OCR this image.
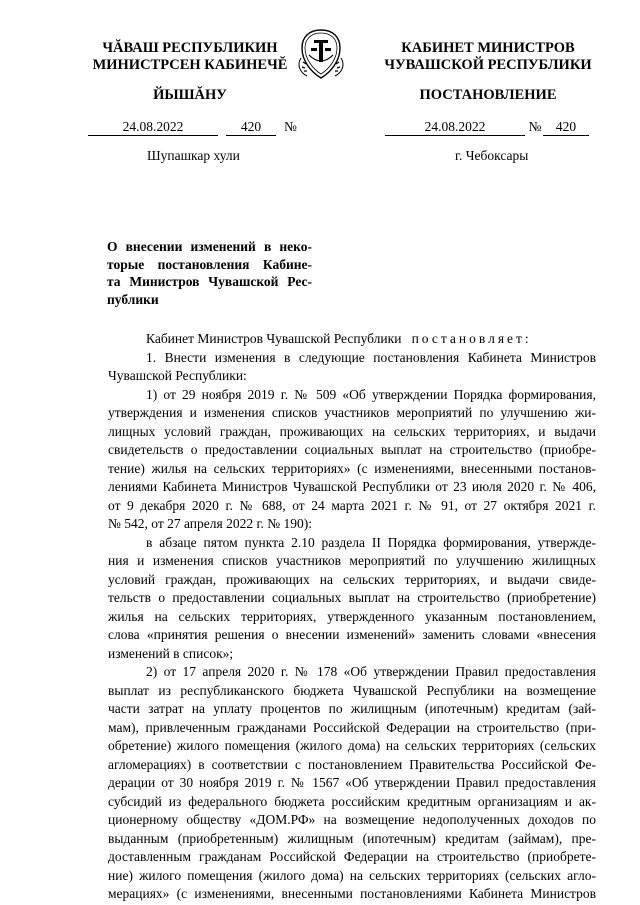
ЧĂВАШ РЕСПУБЛИКИН
МИНИСТРСЕН КАБИНЕЧĔ
ЙЫШĂНУ
КАБИНЕТ МИНИСТРОВ
ЧУВАШСКОЙ РЕСПУБЛИКИ
ПОСТАНОВЛЕНИЕ
24.08.2022	420	№	24.08.2022	№	420
Шупашкар хули	г. Чебоксары
О внесении изменений в неко-
торые постановления Кабине-
та Министров Чувашской Рес-
публики
Кабинет Министров Чувашской Республики постановляет:
1. Внести изменения в следующие постановления Кабинета Министров
Чувашской Республики:
1) от 29 ноября 2019 г. № 509 «Об утверждении Порядка формирования,
утверждения и изменения списков участников мероприятий по улучшению жи-
лищных условий граждан, проживающих на сельских территориях, и выдачи
свидетельств о предоставлении социальных выплат на строительство (приобре-
тение) жилья на сельских территориях» (с изменениями, внесенными постанов-
лениями Кабинета Министров Чувашской Республики от 23 июля 2020 г. № 406,
от 9 декабря 2020 г. № 688, от 24 марта 2021 г. № 91, от 27 октября 2021 г.
№ 542, от 27 апреля 2022 г. № 190):
в абзаце пятом пункта 2.10 раздела II Порядка формирования, утвержде-
ния и изменения списков участников мероприятий по улучшению жилищных
условий граждан, проживающих на сельских территориях, и выдачи свиде-
тельств о предоставлении социальных выплат на строительство (приобретение)
жилья на сельских территориях, утвержденного указанным постановлением,
слова «принятия решения о внесении изменений» заменить словами «внесения
изменений в список»;
2) от 17 апреля 2020 г. № 178 «Об утверждении Правил предоставления
выплат из республиканского бюджета Чувашской Республики на возмещение
части затрат на уплату процентов по жилищным (ипотечным) кредитам (зай-
мам), привлеченным гражданами Российской Федерации на строительство (при-
обретение) жилого помещения (жилого дома) на сельских территориях (сельских
агломерациях) в соответствии с постановлением Правительства Российской Фе-
дерации от 30 ноября 2019 г. № 1567 «Об утверждении Правил предоставления
субсидий из федерального бюджета российским кредитным организациям и ак-
ционерному обществу «ДОМ.РФ» на возмещение недополученных доходов по
выданным (приобретенным) жилищным (ипотечным) кредитам (займам), пре-
доставленным гражданам Российской Федерации на строительство (приобрете-
ние) жилого помещения (жилого дома) на сельских территориях (сельских агло-
мерациях» (с изменениями, внесенными постановлениями Кабинета Министров
